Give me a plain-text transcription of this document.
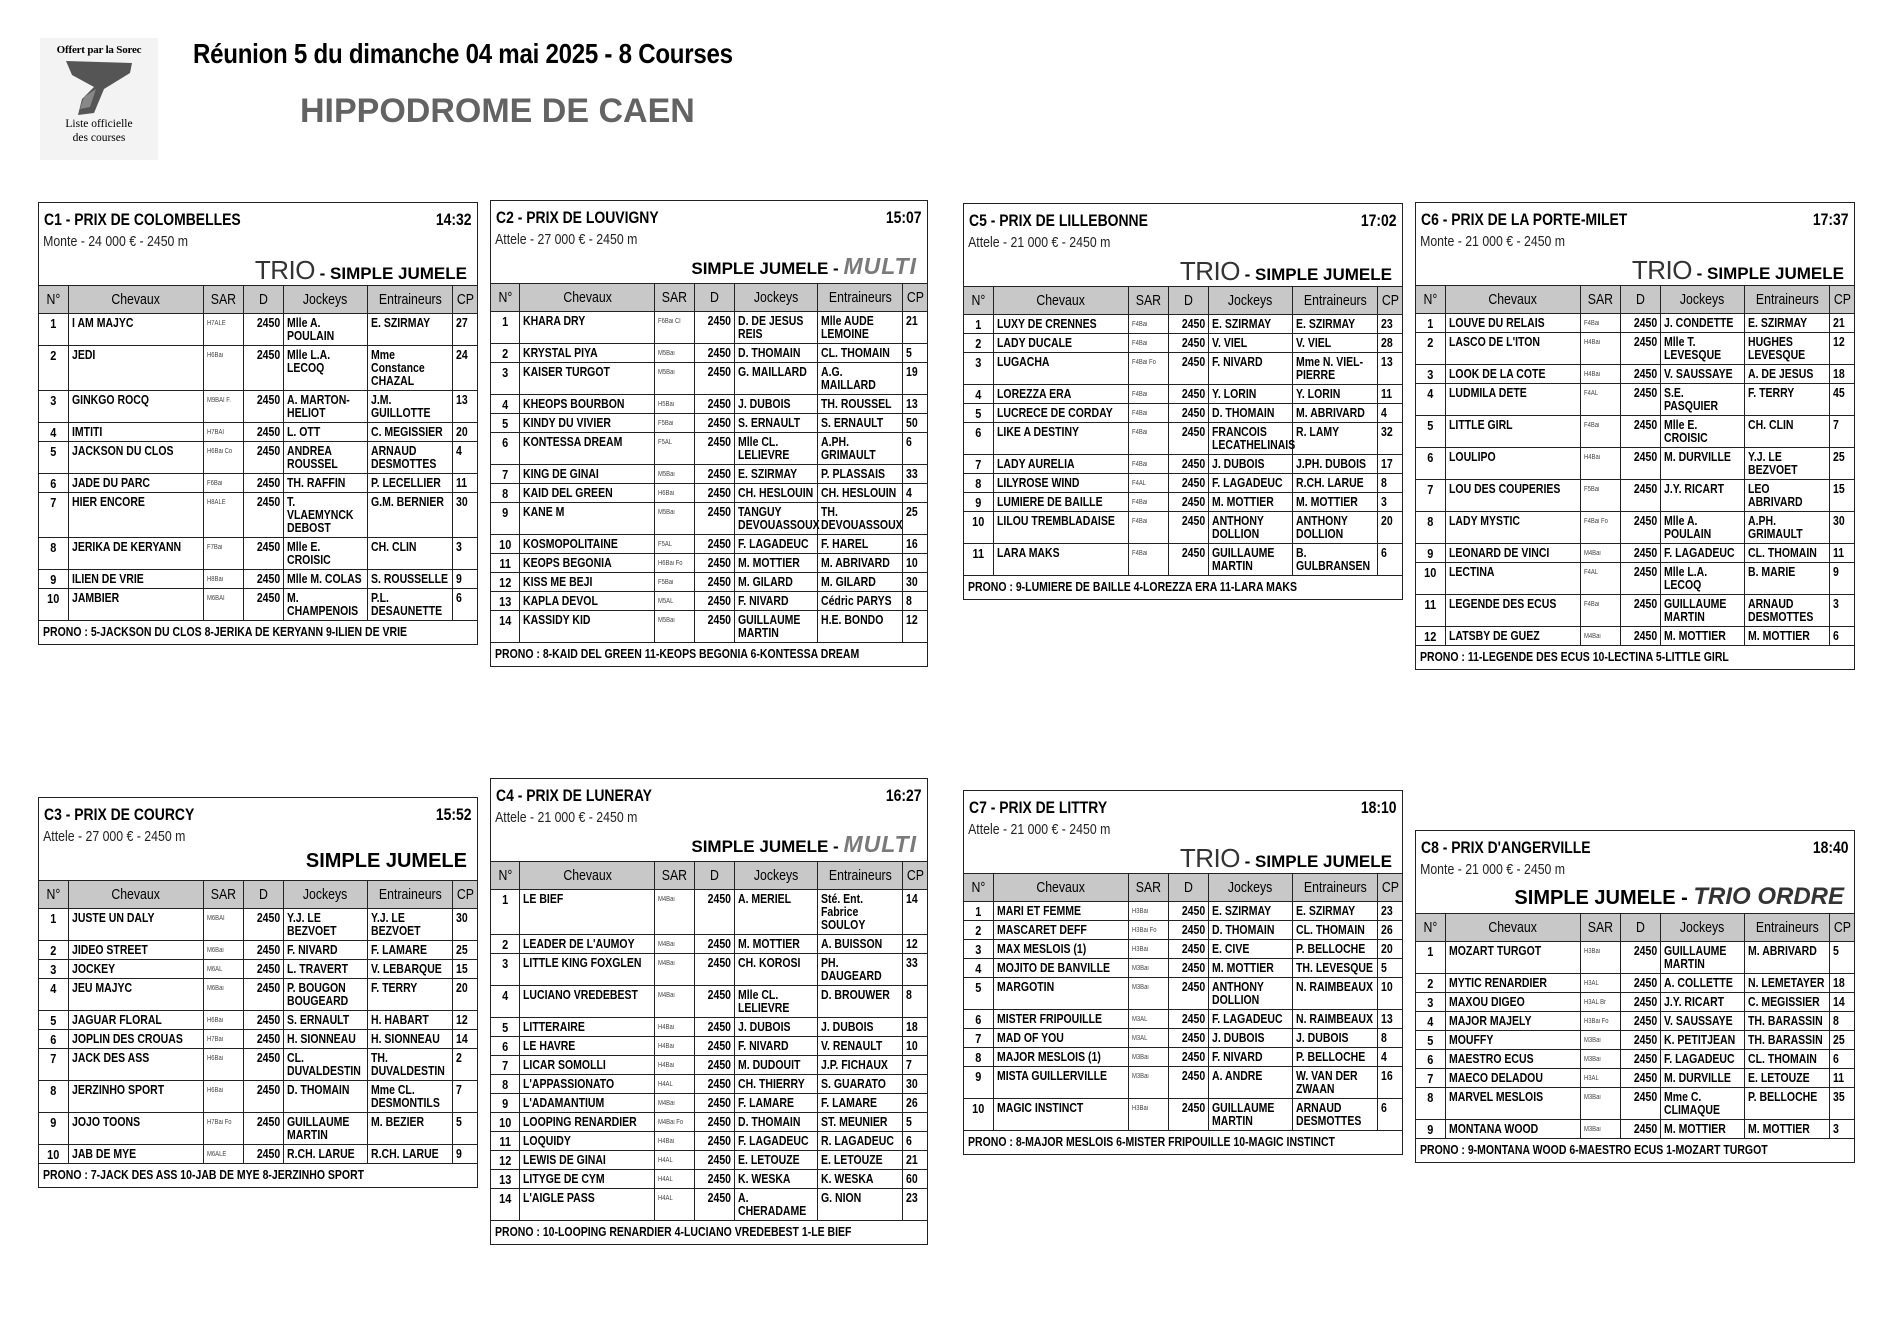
Offert par la Sorec
Liste officielle
des courses
Réunion 5 du dimanche 04 mai 2025 - 8 Courses
HIPPODROME DE CAEN
C1 - PRIX DE COLOMBELLES	14:32
Monte - 24 000 € - 2450 m
TRIO - SIMPLE JUMELE
N°	Chevaux	SAR	D	Jockeys	Entraineurs	CP

1	I AM MAJYC	H7ALE	2450	Mlle A. POULAIN	E. SZIRMAY	27

2	JEDI	H6Bai	2450	Mlle L.A. LECOQ	Mme Constance CHAZAL	24

3	GINKGO ROCQ	M9BAI F.	2450	A. MARTON-HELIOT	J.M. GUILLOTTE	13

4	IMTITI	H7BAI	2450	L. OTT	C. MEGISSIER	20

5	JACKSON DU CLOS	H6Bai Co	2450	ANDREA ROUSSEL	ARNAUD DESMOTTES	4

6	JADE DU PARC	F6Bai	2450	TH. RAFFIN	P. LECELLIER	11

7	HIER ENCORE	H8ALE	2450	T. VLAEMYNCK DEBOST	G.M. BERNIER	30

8	JERIKA DE KERYANN	F7Bai	2450	Mlle E. CROISIC	CH. CLIN	3

9	ILIEN DE VRIE	H8Bai	2450	Mlle M. COLAS	S. ROUSSELLE	9

10	JAMBIER	M6BAI	2450	M. CHAMPENOIS	P.L. DESAUNETTE	6

PRONO : 5-JACKSON DU CLOS 8-JERIKA DE KERYANN 9-ILIEN DE VRIE						
C2 - PRIX DE LOUVIGNY	15:07
Attele - 27 000 € - 2450 m
SIMPLE JUMELE - MULTI
N°	Chevaux	SAR	D	Jockeys	Entraineurs	CP

1	KHARA DRY	F6Bai Cl	2450	D. DE JESUS REIS	Mlle AUDE LEMOINE	21

2	KRYSTAL PIYA	M5Bai	2450	D. THOMAIN	CL. THOMAIN	5

3	KAISER TURGOT	M5Bai	2450	G. MAILLARD	A.G. MAILLARD	19

4	KHEOPS BOURBON	H5Bai	2450	J. DUBOIS	TH. ROUSSEL	13

5	KINDY DU VIVIER	F5Bai	2450	S. ERNAULT	S. ERNAULT	50

6	KONTESSA DREAM	F5AL	2450	Mlle CL. LELIEVRE	A.PH. GRIMAULT	6

7	KING DE GINAI	M5Bai	2450	E. SZIRMAY	P. PLASSAIS	33

8	KAID DEL GREEN	H6Bai	2450	CH. HESLOUIN	CH. HESLOUIN	4

9	KANE M	M5Bai	2450	TANGUY DEVOUASSOUX	TH. DEVOUASSOUX	25

10	KOSMOPOLITAINE	F5AL	2450	F. LAGADEUC	F. HAREL	16

11	KEOPS BEGONIA	H6Bai Fo	2450	M. MOTTIER	M. ABRIVARD	10

12	KISS ME BEJI	F5Bai	2450	M. GILARD	M. GILARD	30

13	KAPLA DEVOL	M5AL	2450	F. NIVARD	Cédric PARYS	8

14	KASSIDY KID	M5Bai	2450	GUILLAUME MARTIN	H.E. BONDO	12

PRONO : 8-KAID DEL GREEN 11-KEOPS BEGONIA 6-KONTESSA DREAM						
C3 - PRIX DE COURCY	15:52
Attele - 27 000 € - 2450 m
SIMPLE JUMELE
N°	Chevaux	SAR	D	Jockeys	Entraineurs	CP

1	JUSTE UN DALY	M6BAI	2450	Y.J. LE BEZVOET	Y.J. LE BEZVOET	30

2	JIDEO STREET	M6Bai	2450	F. NIVARD	F. LAMARE	25

3	JOCKEY	M6AL	2450	L. TRAVERT	V. LEBARQUE	15

4	JEU MAJYC	M6Bai	2450	P. BOUGON BOUGEARD	F. TERRY	20

5	JAGUAR FLORAL	H6Bai	2450	S. ERNAULT	H. HABART	12

6	JOPLIN DES CROUAS	H7Bai	2450	H. SIONNEAU	H. SIONNEAU	14

7	JACK DES ASS	H6Bai	2450	CL. DUVALDESTIN	TH. DUVALDESTIN	2

8	JERZINHO SPORT	H6Bai	2450	D. THOMAIN	Mme CL. DESMONTILS	7

9	JOJO TOONS	H7Bai Fo	2450	GUILLAUME MARTIN	M. BEZIER	5

10	JAB DE MYE	M6ALE	2450	R.CH. LARUE	R.CH. LARUE	9

PRONO : 7-JACK DES ASS 10-JAB DE MYE 8-JERZINHO SPORT						
C4 - PRIX DE LUNERAY	16:27
Attele - 21 000 € - 2450 m
SIMPLE JUMELE - MULTI
N°	Chevaux	SAR	D	Jockeys	Entraineurs	CP

1	LE BIEF	M4Bai	2450	A. MERIEL	Sté. Ent. Fabrice SOULOY	14

2	LEADER DE L'AUMOY	M4Bai	2450	M. MOTTIER	A. BUISSON	12

3	LITTLE KING FOXGLEN	M4Bai	2450	CH. KOROSI	PH. DAUGEARD	33

4	LUCIANO VREDEBEST	M4Bai	2450	Mlle CL. LELIEVRE	D. BROUWER	8

5	LITTERAIRE	H4Bai	2450	J. DUBOIS	J. DUBOIS	18

6	LE HAVRE	H4Bai	2450	F. NIVARD	V. RENAULT	10

7	LICAR SOMOLLI	H4Bai	2450	M. DUDOUIT	J.P. FICHAUX	7

8	L'APPASSIONATO	H4AL	2450	CH. THIERRY	S. GUARATO	30

9	L'ADAMANTIUM	M4Bai	2450	F. LAMARE	F. LAMARE	26

10	LOOPING RENARDIER	M4Bai Fo	2450	D. THOMAIN	ST. MEUNIER	5

11	LOQUIDY	H4Bai	2450	F. LAGADEUC	R. LAGADEUC	6

12	LEWIS DE GINAI	H4AL	2450	E. LETOUZE	E. LETOUZE	21

13	LITYGE DE CYM	H4AL	2450	K. WESKA	K. WESKA	60

14	L'AIGLE PASS	H4AL	2450	A. CHERADAME	G. NION	23

PRONO : 10-LOOPING RENARDIER 4-LUCIANO VREDEBEST 1-LE BIEF						
C5 - PRIX DE LILLEBONNE	17:02
Attele - 21 000 € - 2450 m
TRIO - SIMPLE JUMELE
N°	Chevaux	SAR	D	Jockeys	Entraineurs	CP

1	LUXY DE CRENNES	F4Bai	2450	E. SZIRMAY	E. SZIRMAY	23

2	LADY DUCALE	F4Bai	2450	V. VIEL	V. VIEL	28

3	LUGACHA	F4Bai Fo	2450	F. NIVARD	Mme N. VIEL-PIERRE	13

4	LOREZZA ERA	F4Bai	2450	Y. LORIN	Y. LORIN	11

5	LUCRECE DE CORDAY	F4Bai	2450	D. THOMAIN	M. ABRIVARD	4

6	LIKE A DESTINY	F4Bai	2450	FRANCOIS LECATHELINAIS	R. LAMY	32

7	LADY AURELIA	F4Bai	2450	J. DUBOIS	J.PH. DUBOIS	17

8	LILYROSE WIND	F4AL	2450	F. LAGADEUC	R.CH. LARUE	8

9	LUMIERE DE BAILLE	F4Bai	2450	M. MOTTIER	M. MOTTIER	3

10	LILOU TREMBLADAISE	F4Bai	2450	ANTHONY DOLLION	ANTHONY DOLLION	20

11	LARA MAKS	F4Bai	2450	GUILLAUME MARTIN	B. GULBRANSEN	6

PRONO : 9-LUMIERE DE BAILLE 4-LOREZZA ERA 11-LARA MAKS						
C6 - PRIX DE LA PORTE-MILET	17:37
Monte - 21 000 € - 2450 m
TRIO - SIMPLE JUMELE
N°	Chevaux	SAR	D	Jockeys	Entraineurs	CP

1	LOUVE DU RELAIS	F4Bai	2450	J. CONDETTE	E. SZIRMAY	21

2	LASCO DE L'ITON	H4Bai	2450	Mlle T. LEVESQUE	HUGHES LEVESQUE	12

3	LOOK DE LA COTE	H4Bai	2450	V. SAUSSAYE	A. DE JESUS	18

4	LUDMILA DETE	F4AL	2450	S.E. PASQUIER	F. TERRY	45

5	LITTLE GIRL	F4Bai	2450	Mlle E. CROISIC	CH. CLIN	7

6	LOULIPO	H4Bai	2450	M. DURVILLE	Y.J. LE BEZVOET	25

7	LOU DES COUPERIES	F5Bai	2450	J.Y. RICART	LEO ABRIVARD	15

8	LADY MYSTIC	F4Bai Fo	2450	Mlle A. POULAIN	A.PH. GRIMAULT	30

9	LEONARD DE VINCI	M4Bai	2450	F. LAGADEUC	CL. THOMAIN	11

10	LECTINA	F4AL	2450	Mlle L.A. LECOQ	B. MARIE	9

11	LEGENDE DES ECUS	F4Bai	2450	GUILLAUME MARTIN	ARNAUD DESMOTTES	3

12	LATSBY DE GUEZ	M4Bai	2450	M. MOTTIER	M. MOTTIER	6

PRONO : 11-LEGENDE DES ECUS 10-LECTINA 5-LITTLE GIRL						
C7 - PRIX DE LITTRY	18:10
Attele - 21 000 € - 2450 m
TRIO - SIMPLE JUMELE
N°	Chevaux	SAR	D	Jockeys	Entraineurs	CP

1	MARI ET FEMME	H3Bai	2450	E. SZIRMAY	E. SZIRMAY	23

2	MASCARET DEFF	H3Bai Fo	2450	D. THOMAIN	CL. THOMAIN	26

3	MAX MESLOIS (1)	H3Bai	2450	E. CIVE	P. BELLOCHE	20

4	MOJITO DE BANVILLE	M3Bai	2450	M. MOTTIER	TH. LEVESQUE	5

5	MARGOTIN	M3Bai	2450	ANTHONY DOLLION	N. RAIMBEAUX	10

6	MISTER FRIPOUILLE	M3AL	2450	F. LAGADEUC	N. RAIMBEAUX	13

7	MAD OF YOU	M3AL	2450	J. DUBOIS	J. DUBOIS	8

8	MAJOR MESLOIS (1)	M3Bai	2450	F. NIVARD	P. BELLOCHE	4

9	MISTA GUILLERVILLE	M3Bai	2450	A. ANDRE	W. VAN DER ZWAAN	16

10	MAGIC INSTINCT	H3Bai	2450	GUILLAUME MARTIN	ARNAUD DESMOTTES	6

PRONO : 8-MAJOR MESLOIS 6-MISTER FRIPOUILLE 10-MAGIC INSTINCT						
C8 - PRIX D'ANGERVILLE	18:40
Monte - 21 000 € - 2450 m
SIMPLE JUMELE - TRIO ORDRE
N°	Chevaux	SAR	D	Jockeys	Entraineurs	CP

1	MOZART TURGOT	H3Bai	2450	GUILLAUME MARTIN	M. ABRIVARD	5

2	MYTIC RENARDIER	H3AL	2450	A. COLLETTE	N. LEMETAYER	18

3	MAXOU DIGEO	H3AL Br	2450	J.Y. RICART	C. MEGISSIER	14

4	MAJOR MAJELY	H3Bai Fo	2450	V. SAUSSAYE	TH. BARASSIN	8

5	MOUFFY	M3Bai	2450	K. PETITJEAN	TH. BARASSIN	25

6	MAESTRO ECUS	M3Bai	2450	F. LAGADEUC	CL. THOMAIN	6

7	MAECO DELADOU	H3AL	2450	M. DURVILLE	E. LETOUZE	11

8	MARVEL MESLOIS	M3Bai	2450	Mme C. CLIMAQUE	P. BELLOCHE	35

9	MONTANA WOOD	M3Bai	2450	M. MOTTIER	M. MOTTIER	3

PRONO : 9-MONTANA WOOD 6-MAESTRO ECUS 1-MOZART TURGOT						
